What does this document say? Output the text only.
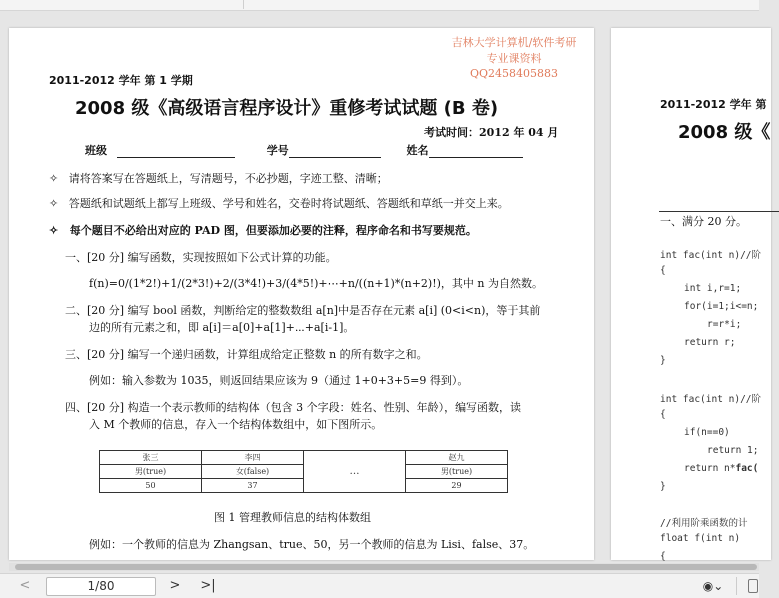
吉林大学计算机/软件考研
专业课资料
QQ2458405883
2011-2012 学年 第 1 学期
2008 级《高级语言程序设计》重修考试试题 (B 卷)
考试时间：2012 年 04 月
班级	学号	姓名
✧   请将答案写在答题纸上，写清题号，不必抄题，字迹工整、清晰；
✧   答题纸和试题纸上都写上班级、学号和姓名，交卷时将试题纸、答题纸和草纸一并交上来。
✧   每个题目不必给出对应的 PAD 图，但要添加必要的注释，程序命名和书写要规范。
一、[20 分] 编写函数，实现按照如下公式计算的功能。
f(n)=0/(1*2!)+1/(2*3!)+2/(3*4!)+3/(4*5!)+⋯+n/((n+1)*(n+2)!)，其中 n 为自然数。
二、[20 分] 编写 bool 函数，判断给定的整数数组 a[n]中是否存在元素 a[i] (0<i<n)，等于其前
边的所有元素之和，即 a[i]＝a[0]+a[1]+⋯+a[i-1]。
三、[20 分] 编写一个递归函数，计算组成给定正整数 n 的所有数字之和。
例如：输入参数为 1035，则返回结果应该为 9（通过 1+0+3+5=9 得到）。
四、[20 分] 构造一个表示教师的结构体（包含 3 个字段：姓名、性别、年龄），编写函数，读
入 M 个教师的信息，存入一个结构体数组中，如下图所示。
张三	李四	…	赵九
男(true)	女(false)		男(true)
50	37		29
图 1 管理教师信息的结构体数组
例如：一个教师的信息为 Zhangsan、true、50，另一个教师的信息为 Lisi、false、37。
2011-2012 学年 第
2008 级《
一、满分 20 分。
int fac(int n)//阶
{
int i,r=1;
for(i=1;i<=n;
r=r*i;
return r;
}
int fac(int n)//阶
{
if(n==0)
return 1;
return n*fac(
}
//利用阶乘函数的计
float f(int n)
{
<	1/80	> >|	◉⌄
